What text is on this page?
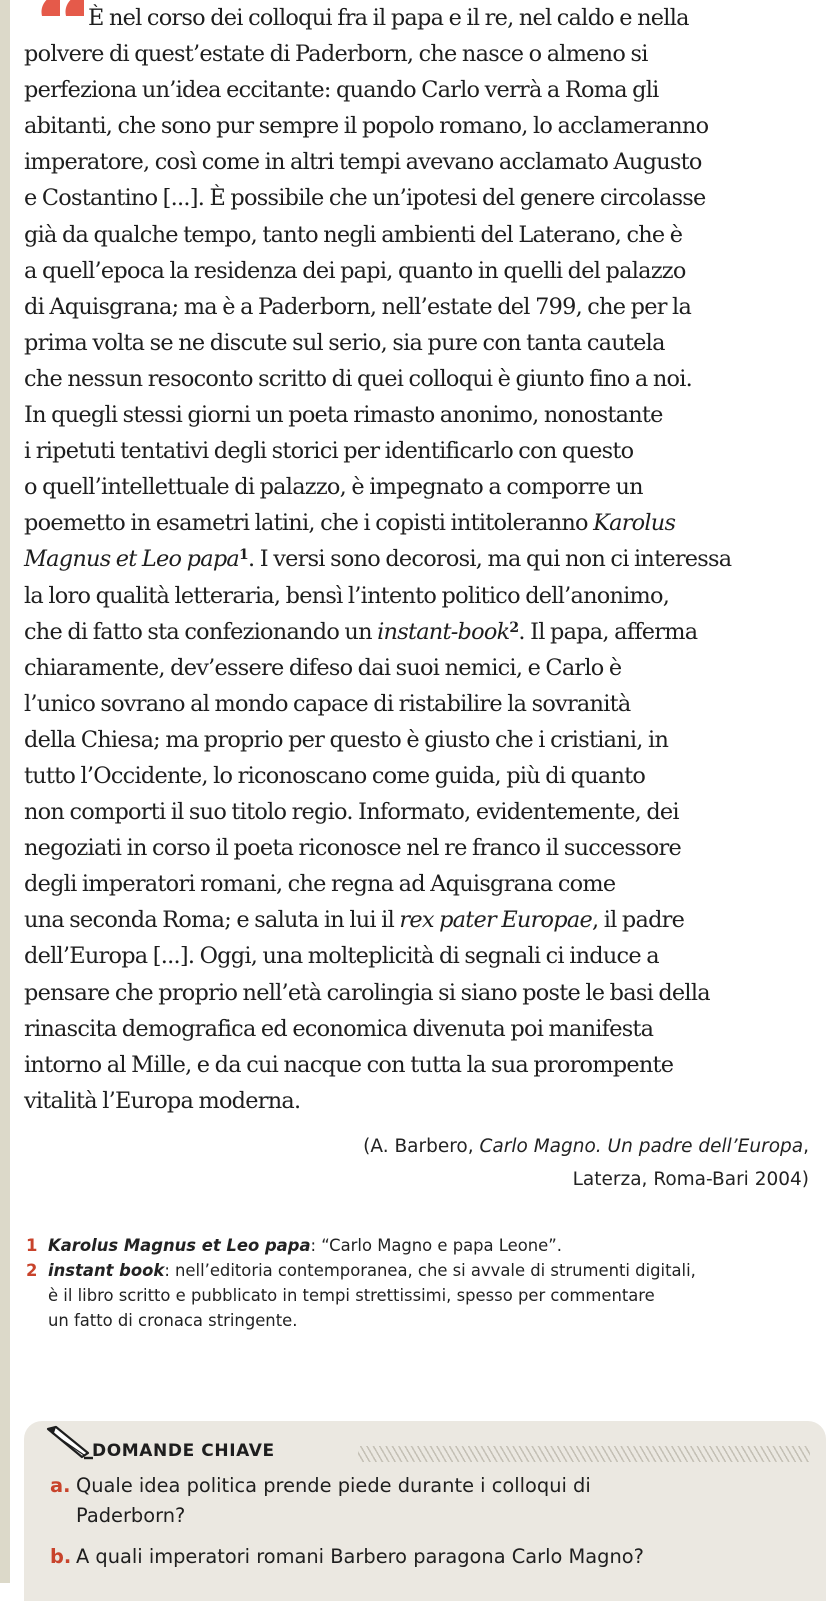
È nel corso dei colloqui fra il papa e il re, nel caldo e nella
polvere di quest’estate di Paderborn, che nasce o almeno si
perfeziona un’idea eccitante: quando Carlo verrà a Roma gli
abitanti, che sono pur sempre il popolo romano, lo acclameranno
imperatore, così come in altri tempi avevano acclamato Augusto
e Costantino [...]. È possibile che un’ipotesi del genere circolasse
già da qualche tempo, tanto negli ambienti del Laterano, che è
a quell’epoca la residenza dei papi, quanto in quelli del palazzo
di Aquisgrana; ma è a Paderborn, nell’estate del 799, che per la
prima volta se ne discute sul serio, sia pure con tanta cautela
che nessun resoconto scritto di quei colloqui è giunto fino a noi.
In quegli stessi giorni un poeta rimasto anonimo, nonostante
i ripetuti tentativi degli storici per identificarlo con questo
o quell’intellettuale di palazzo, è impegnato a comporre un
poemetto in esametri latini, che i copisti intitoleranno Karolus
Magnus et Leo papa$^1$. I versi sono decorosi, ma qui non ci interessa
la loro qualità letteraria, bensì l’intento politico dell’anonimo,
che di fatto sta confezionando un instant-book$^2$. Il papa, afferma
chiaramente, dev’essere difeso dai suoi nemici, e Carlo è
l’unico sovrano al mondo capace di ristabilire la sovranità
della Chiesa; ma proprio per questo è giusto che i cristiani, in
tutto l’Occidente, lo riconoscano come guida, più di quanto
non comporti il suo titolo regio. Informato, evidentemente, dei
negoziati in corso il poeta riconosce nel re franco il successore
degli imperatori romani, che regna ad Aquisgrana come
una seconda Roma; e saluta in lui il rex pater Europae, il padre
dell’Europa [...]. Oggi, una molteplicità di segnali ci induce a
pensare che proprio nell’età carolingia si siano poste le basi della
rinascita demografica ed economica divenuta poi manifesta
intorno al Mille, e da cui nacque con tutta la sua prorompente
vitalità l’Europa moderna.
(A. Barbero, Carlo Magno. Un padre dell’Europa,
Laterza, Roma-Bari 2004)
1 Karolus Magnus et Leo papa: “Carlo Magno e papa Leone”.
2 instant book: nell’editoria contemporanea, che si avvale di strumenti digitali,
è il libro scritto e pubblicato in tempi strettissimi, spesso per commentare
un fatto di cronaca stringente.
DOMANDE CHIAVE
a. Quale idea politica prende piede durante i colloqui di
Paderborn?
b. A quali imperatori romani Barbero paragona Carlo Magno?
